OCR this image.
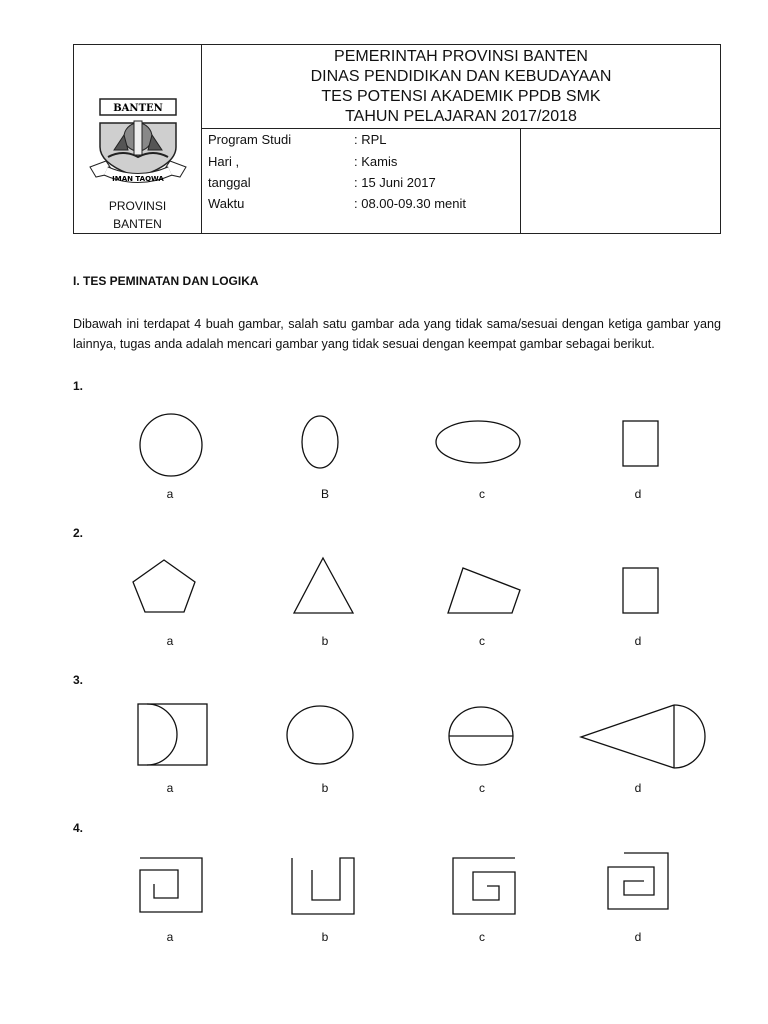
BANTEN
IMAN TAQWA
PROVINSI
BANTEN
PEMERINTAH PROVINSI BANTEN
DINAS PENDIDIKAN DAN KEBUDAYAAN
TES POTENSI AKADEMIK PPDB SMK
TAHUN PELAJARAN 2017/2018
Program Studi	: RPL
Hari ,	: Kamis
tanggal	: 15 Juni 2017
Waktu	: 08.00-09.30 menit
I. TES PEMINATAN DAN LOGIKA
Dibawah ini terdapat 4 buah gambar, salah satu gambar ada yang tidak sama/sesuai dengan ketiga gambar yang lainnya, tugas anda adalah mencari gambar yang tidak sesuai dengan keempat gambar sebagai berikut.
1.
a	B	c	d
2.
a	b	c	d
3.
a	b	c	d
4.
a	b	c	d
